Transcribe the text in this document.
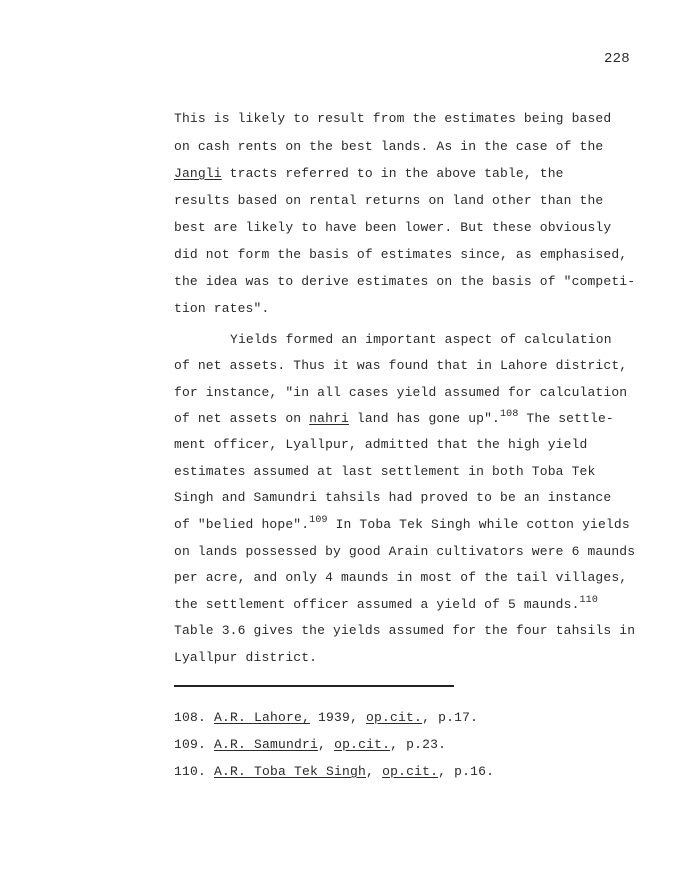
228
This is likely to result from the estimates being based
on cash rents on the best lands. As in the case of the
Jangli tracts referred to in the above table, the
results based on rental returns on land other than the
best are likely to have been lower. But these obviously
did not form the basis of estimates since, as emphasised,
the idea was to derive estimates on the basis of "competi-
tion rates".
Yields formed an important aspect of calculation
of net assets. Thus it was found that in Lahore district,
for instance, "in all cases yield assumed for calculation
of net assets on nahri land has gone up".$^{108}$ The settle-
ment officer, Lyallpur, admitted that the high yield
estimates assumed at last settlement in both Toba Tek
Singh and Samundri tahsils had proved to be an instance
of "belied hope".$^{109}$ In Toba Tek Singh while cotton yields
on lands possessed by good Arain cultivators were 6 maunds
per acre, and only 4 maunds in most of the tail villages,
the settlement officer assumed a yield of 5 maunds.$^{110}$
Table 3.6 gives the yields assumed for the four tahsils in
Lyallpur district.
108. A.R. Lahore, 1939, op.cit., p.17.
109. A.R. Samundri, op.cit., p.23.
110. A.R. Toba Tek Singh, op.cit., p.16.
